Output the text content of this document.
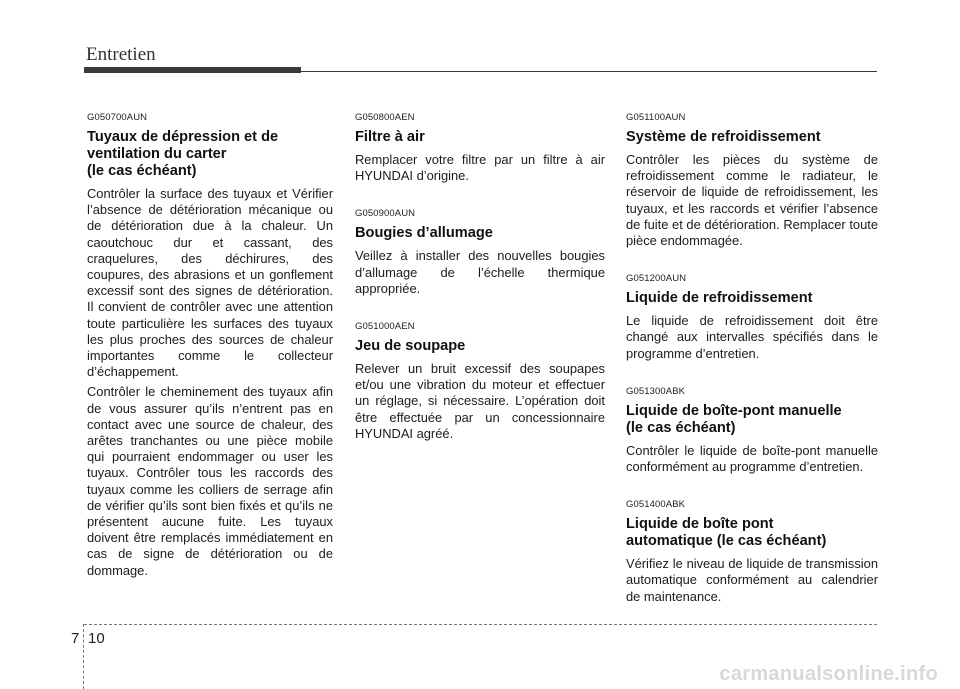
Entretien
G050700AUN
Tuyaux de dépression et de
ventilation du carter
(le cas échéant)

Contrôler la surface des tuyaux et Vérifier l’absence de détérioration mécanique ou de détérioration due à la chaleur. Un caoutchouc dur et cassant, des craquelures, des déchirures, des coupures, des abrasions et un gonflement excessif sont des signes de détérioration. Il convient de contrôler avec une attention toute particulière les surfaces des tuyaux les plus proches des sources de chaleur importantes comme le collecteur d’échappement.

Contrôler le cheminement des tuyaux afin de vous assurer qu’ils n’entrent pas en contact avec une source de chaleur, des arêtes tranchantes ou une pièce mobile qui pourraient endommager ou user les tuyaux. Contrôler tous les raccords des tuyaux comme les colliers de serrage afin de vérifier qu’ils sont bien fixés et qu’ils ne présentent aucune fuite. Les tuyaux doivent être remplacés immédiatement en cas de signe de détérioration ou de dommage.

G050800AEN
Filtre à air

Remplacer votre filtre par un filtre à air HYUNDAI d’origine.

G050900AUN
Bougies d’allumage

Veillez à installer des nouvelles bougies d’allumage de l’échelle thermique appropriée.

G051000AEN
Jeu de soupape

Relever un bruit excessif des soupapes et/ou une vibration du moteur et effectuer un réglage, si nécessaire. L’opération doit être effectuée par un concessionnaire HYUNDAI agréé.

G051100AUN
Système de refroidissement

Contrôler les pièces du système de refroidissement comme le radiateur, le réservoir de liquide de refroidissement, les tuyaux, et les raccords et vérifier l’absence de fuite et de détérioration. Remplacer toute pièce endommagée.

G051200AUN
Liquide de refroidissement

Le liquide de refroidissement doit être changé aux intervalles spécifiés dans le programme d’entretien.

G051300ABK
Liquide de boîte-pont manuelle
(le cas échéant)

Contrôler le liquide de boîte-pont manuelle conformément au programme d’entretien.

G051400ABK
Liquide de boîte pont
automatique (le cas échéant)

Vérifiez le niveau de liquide de transmission automatique conformément au calendrier de maintenance.

7 10
carmanualsonline.info
